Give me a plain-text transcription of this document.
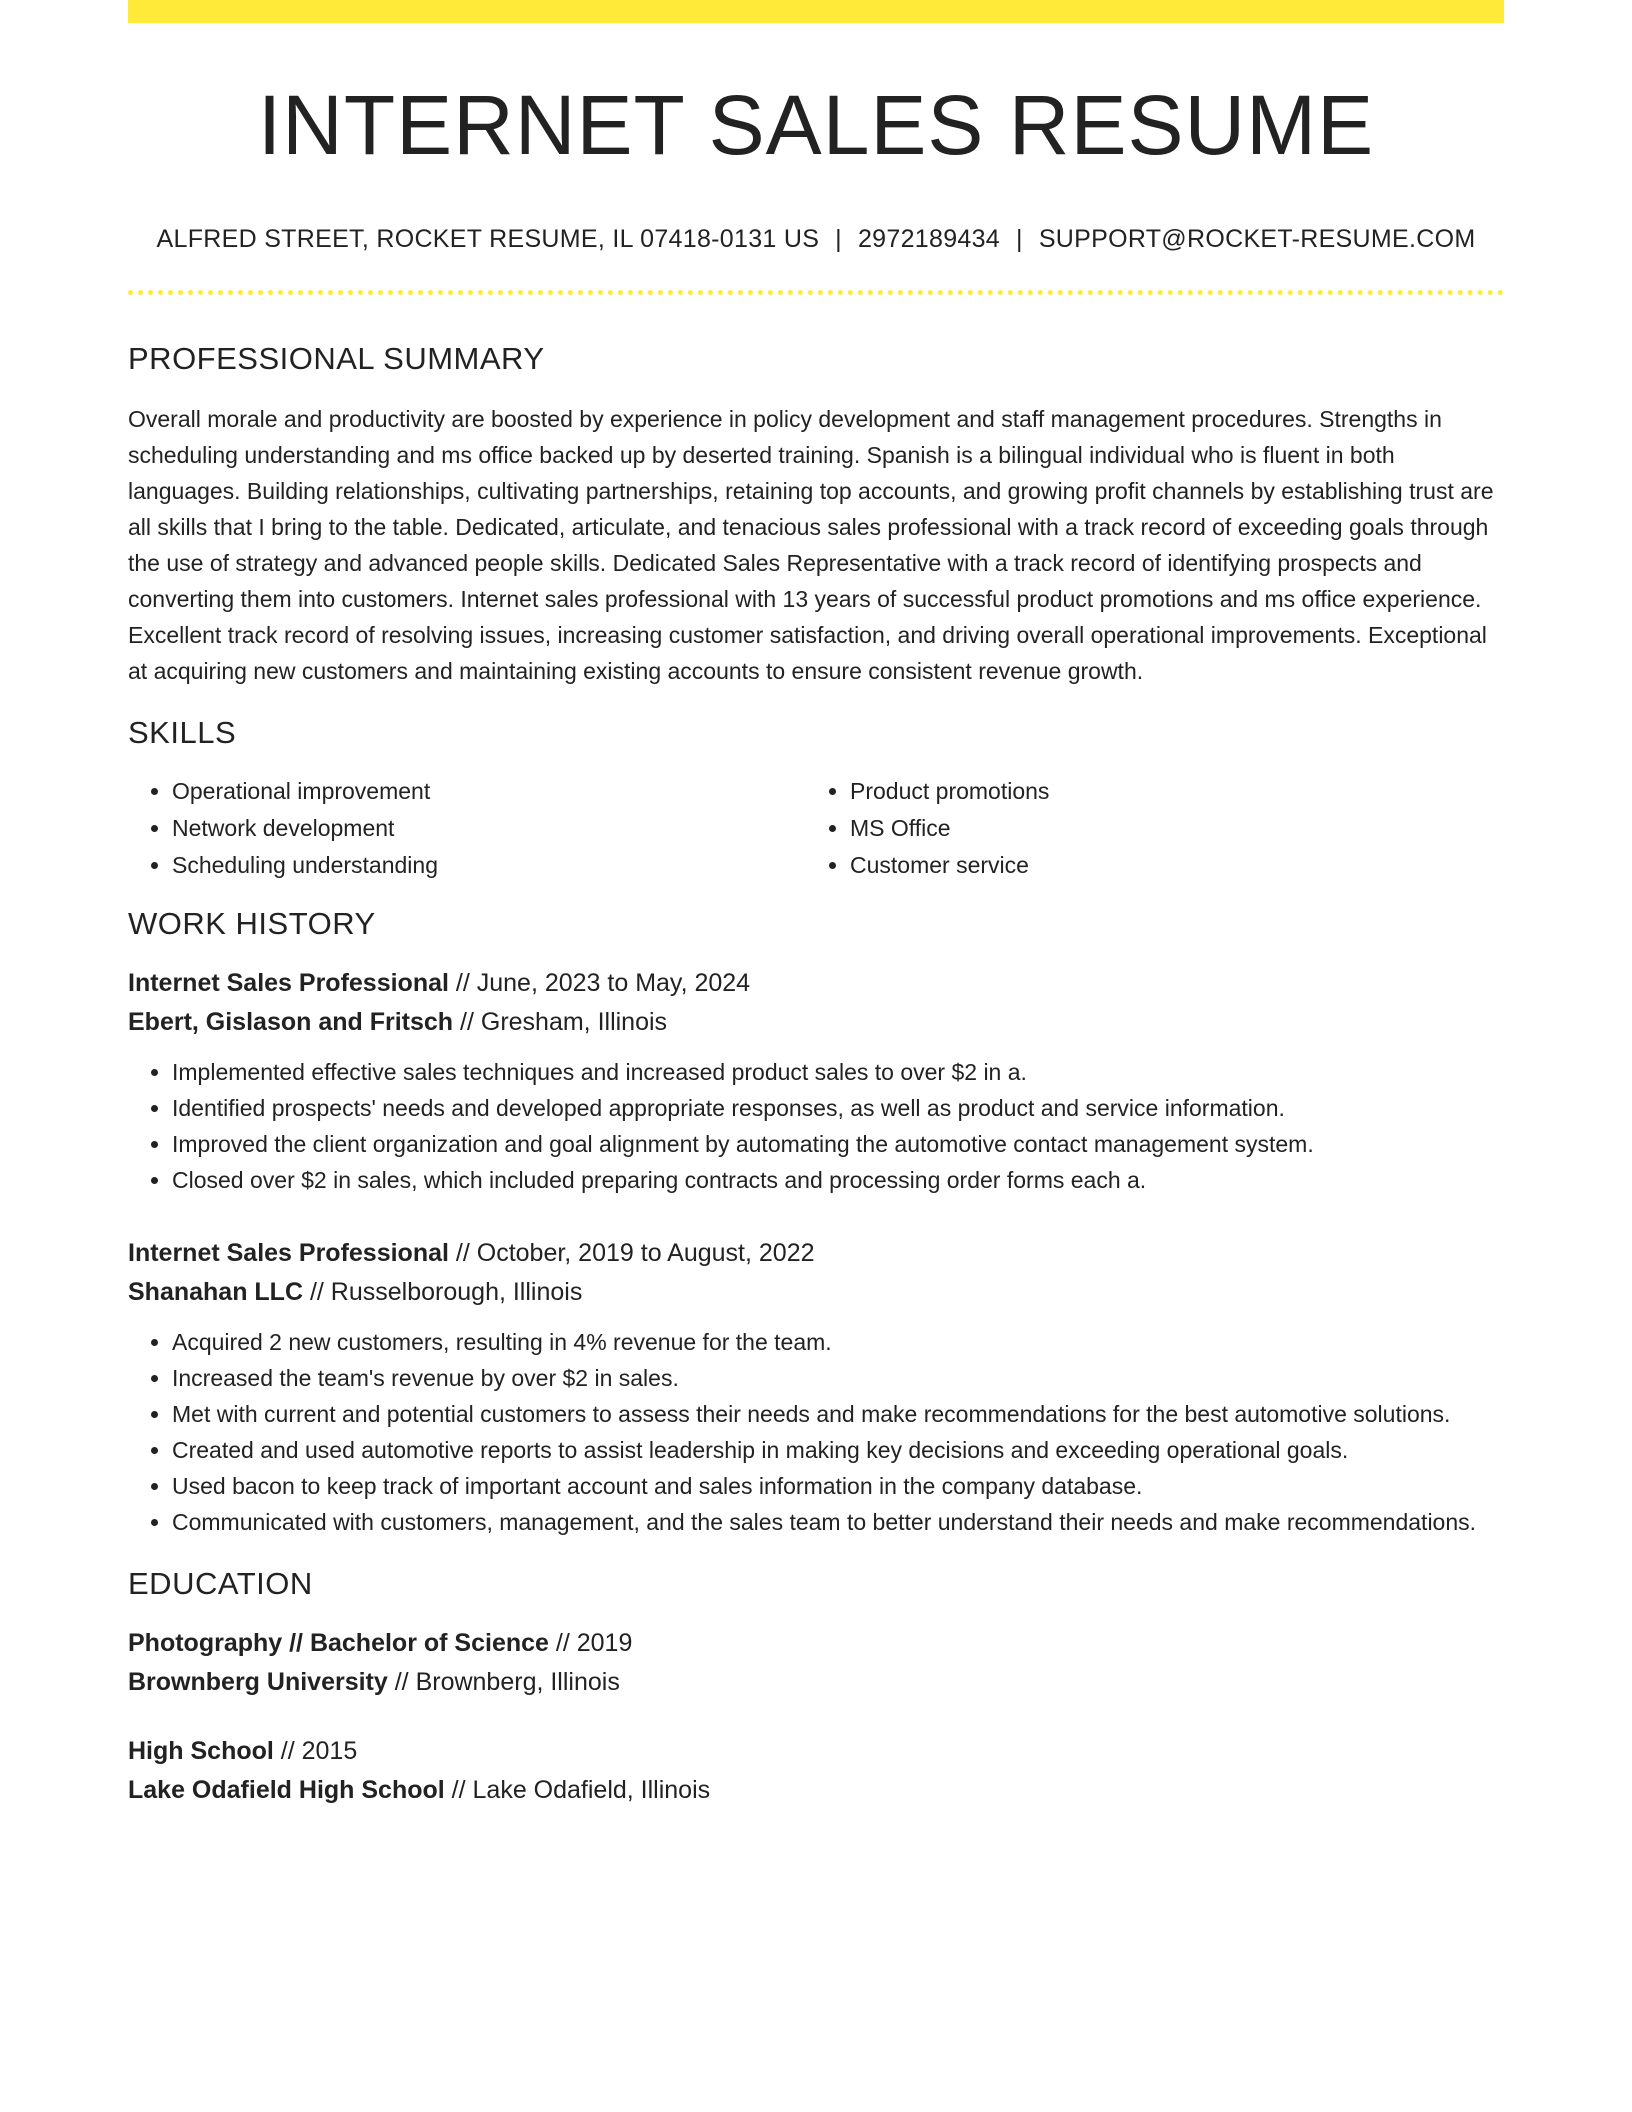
INTERNET SALES RESUME
ALFRED STREET, ROCKET RESUME, IL 07418-0131 US | 2972189434 | SUPPORT@ROCKET-RESUME.COM
PROFESSIONAL SUMMARY
Overall morale and productivity are boosted by experience in policy development and staff management procedures. Strengths in scheduling understanding and ms office backed up by deserted training. Spanish is a bilingual individual who is fluent in both languages. Building relationships, cultivating partnerships, retaining top accounts, and growing profit channels by establishing trust are all skills that I bring to the table. Dedicated, articulate, and tenacious sales professional with a track record of exceeding goals through the use of strategy and advanced people skills. Dedicated Sales Representative with a track record of identifying prospects and converting them into customers. Internet sales professional with 13 years of successful product promotions and ms office experience. Excellent track record of resolving issues, increasing customer satisfaction, and driving overall operational improvements. Exceptional at acquiring new customers and maintaining existing accounts to ensure consistent revenue growth.
SKILLS
• Operational improvement
• Network development
• Scheduling understanding
• Product promotions
• MS Office
• Customer service
WORK HISTORY
Internet Sales Professional // June, 2023 to May, 2024
Ebert, Gislason and Fritsch // Gresham, Illinois
• Implemented effective sales techniques and increased product sales to over $2 in a.
• Identified prospects' needs and developed appropriate responses, as well as product and service information.
• Improved the client organization and goal alignment by automating the automotive contact management system.
• Closed over $2 in sales, which included preparing contracts and processing order forms each a.
Internet Sales Professional // October, 2019 to August, 2022
Shanahan LLC // Russelborough, Illinois
• Acquired 2 new customers, resulting in 4% revenue for the team.
• Increased the team's revenue by over $2 in sales.
• Met with current and potential customers to assess their needs and make recommendations for the best automotive solutions.
• Created and used automotive reports to assist leadership in making key decisions and exceeding operational goals.
• Used bacon to keep track of important account and sales information in the company database.
• Communicated with customers, management, and the sales team to better understand their needs and make recommendations.
EDUCATION
Photography // Bachelor of Science // 2019
Brownberg University // Brownberg, Illinois
High School // 2015
Lake Odafield High School // Lake Odafield, Illinois
